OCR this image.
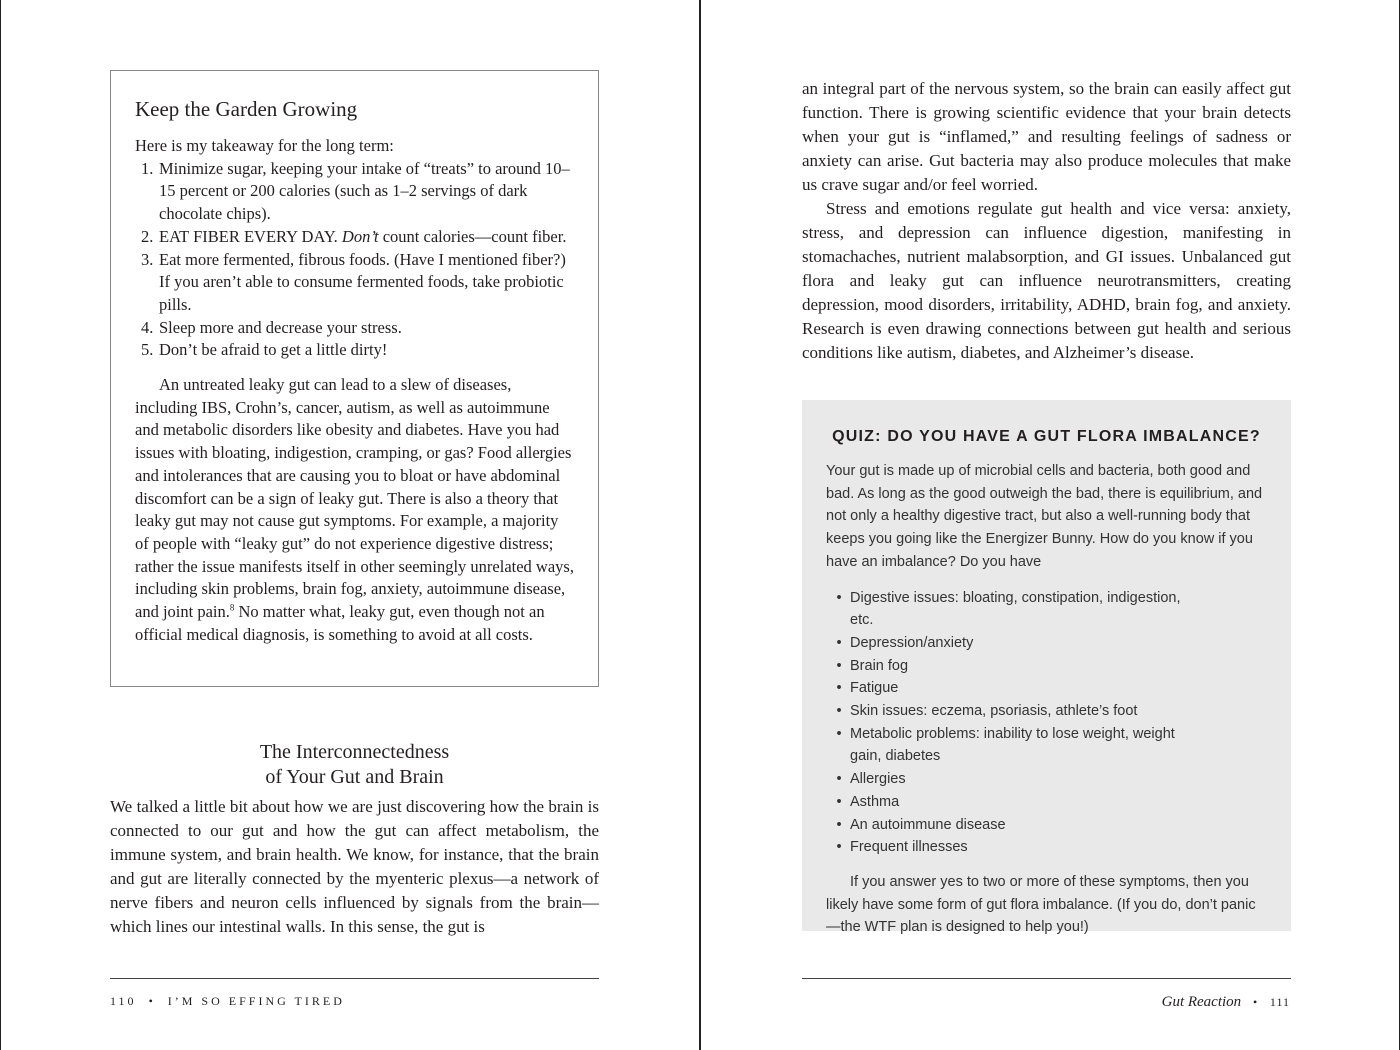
Keep the Garden Growing

Here is my takeaway for the long term:

1. Minimize sugar, keeping your intake of “treats” to around 10–15 percent or 200 calories (such as 1–2 servings of dark chocolate chips).
2. EAT FIBER EVERY DAY. Don’t count calories—count fiber.
3. Eat more fermented, fibrous foods. (Have I mentioned fiber?) If you aren’t able to consume fermented foods, take probiotic pills.
4. Sleep more and decrease your stress.
5. Don’t be afraid to get a little dirty!

An untreated leaky gut can lead to a slew of diseases, including IBS, Crohn’s, cancer, autism, as well as autoimmune and metabolic disorders like obesity and diabetes. Have you had issues with bloating, indigestion, cramping, or gas? Food allergies and intolerances that are causing you to bloat or have abdominal discomfort can be a sign of leaky gut. There is also a theory that leaky gut may not cause gut symptoms. For example, a majority of people with “leaky gut” do not experience digestive distress; rather the issue manifests itself in other seemingly unrelated ways, including skin problems, brain fog, anxiety, autoimmune disease, and joint pain.$^8$ No matter what, leaky gut, even though not an official medical diagnosis, is something to avoid at all costs.

The Interconnectedness
of Your Gut and Brain

We talked a little bit about how we are just discovering how the brain is connected to our gut and how the gut can affect metabolism, the immune system, and brain health. We know, for instance, that the brain and gut are literally connected by the myenteric plexus—a network of nerve fibers and neuron cells influenced by signals from the brain—which lines our intestinal walls. In this sense, the gut is

110 • I’M SO EFFING TIRED

an integral part of the nervous system, so the brain can easily affect gut function. There is growing scientific evidence that your brain detects when your gut is “inflamed,” and resulting feelings of sadness or anxiety can arise. Gut bacteria may also produce molecules that make us crave sugar and/or feel worried.

Stress and emotions regulate gut health and vice versa: anxiety, stress, and depression can influence digestion, manifesting in stomachaches, nutrient malabsorption, and GI issues. Unbalanced gut flora and leaky gut can influence neurotransmitters, creating depression, mood disorders, irritability, ADHD, brain fog, and anxiety. Research is even drawing connections between gut health and serious conditions like autism, diabetes, and Alzheimer’s disease.

QUIZ: DO YOU HAVE A GUT FLORA IMBALANCE?

Your gut is made up of microbial cells and bacteria, both good and bad. As long as the good outweigh the bad, there is equilibrium, and not only a healthy digestive tract, but also a well-running body that keeps you going like the Energizer Bunny. How do you know if you have an imbalance? Do you have

• Digestive issues: bloating, constipation, indigestion, etc.
• Depression/anxiety
• Brain fog
• Fatigue
• Skin issues: eczema, psoriasis, athlete’s foot
• Metabolic problems: inability to lose weight, weight gain, diabetes
• Allergies
• Asthma
• An autoimmune disease
• Frequent illnesses

If you answer yes to two or more of these symptoms, then you likely have some form of gut flora imbalance. (If you do, don’t panic—the WTF plan is designed to help you!)

Gut Reaction • 111
